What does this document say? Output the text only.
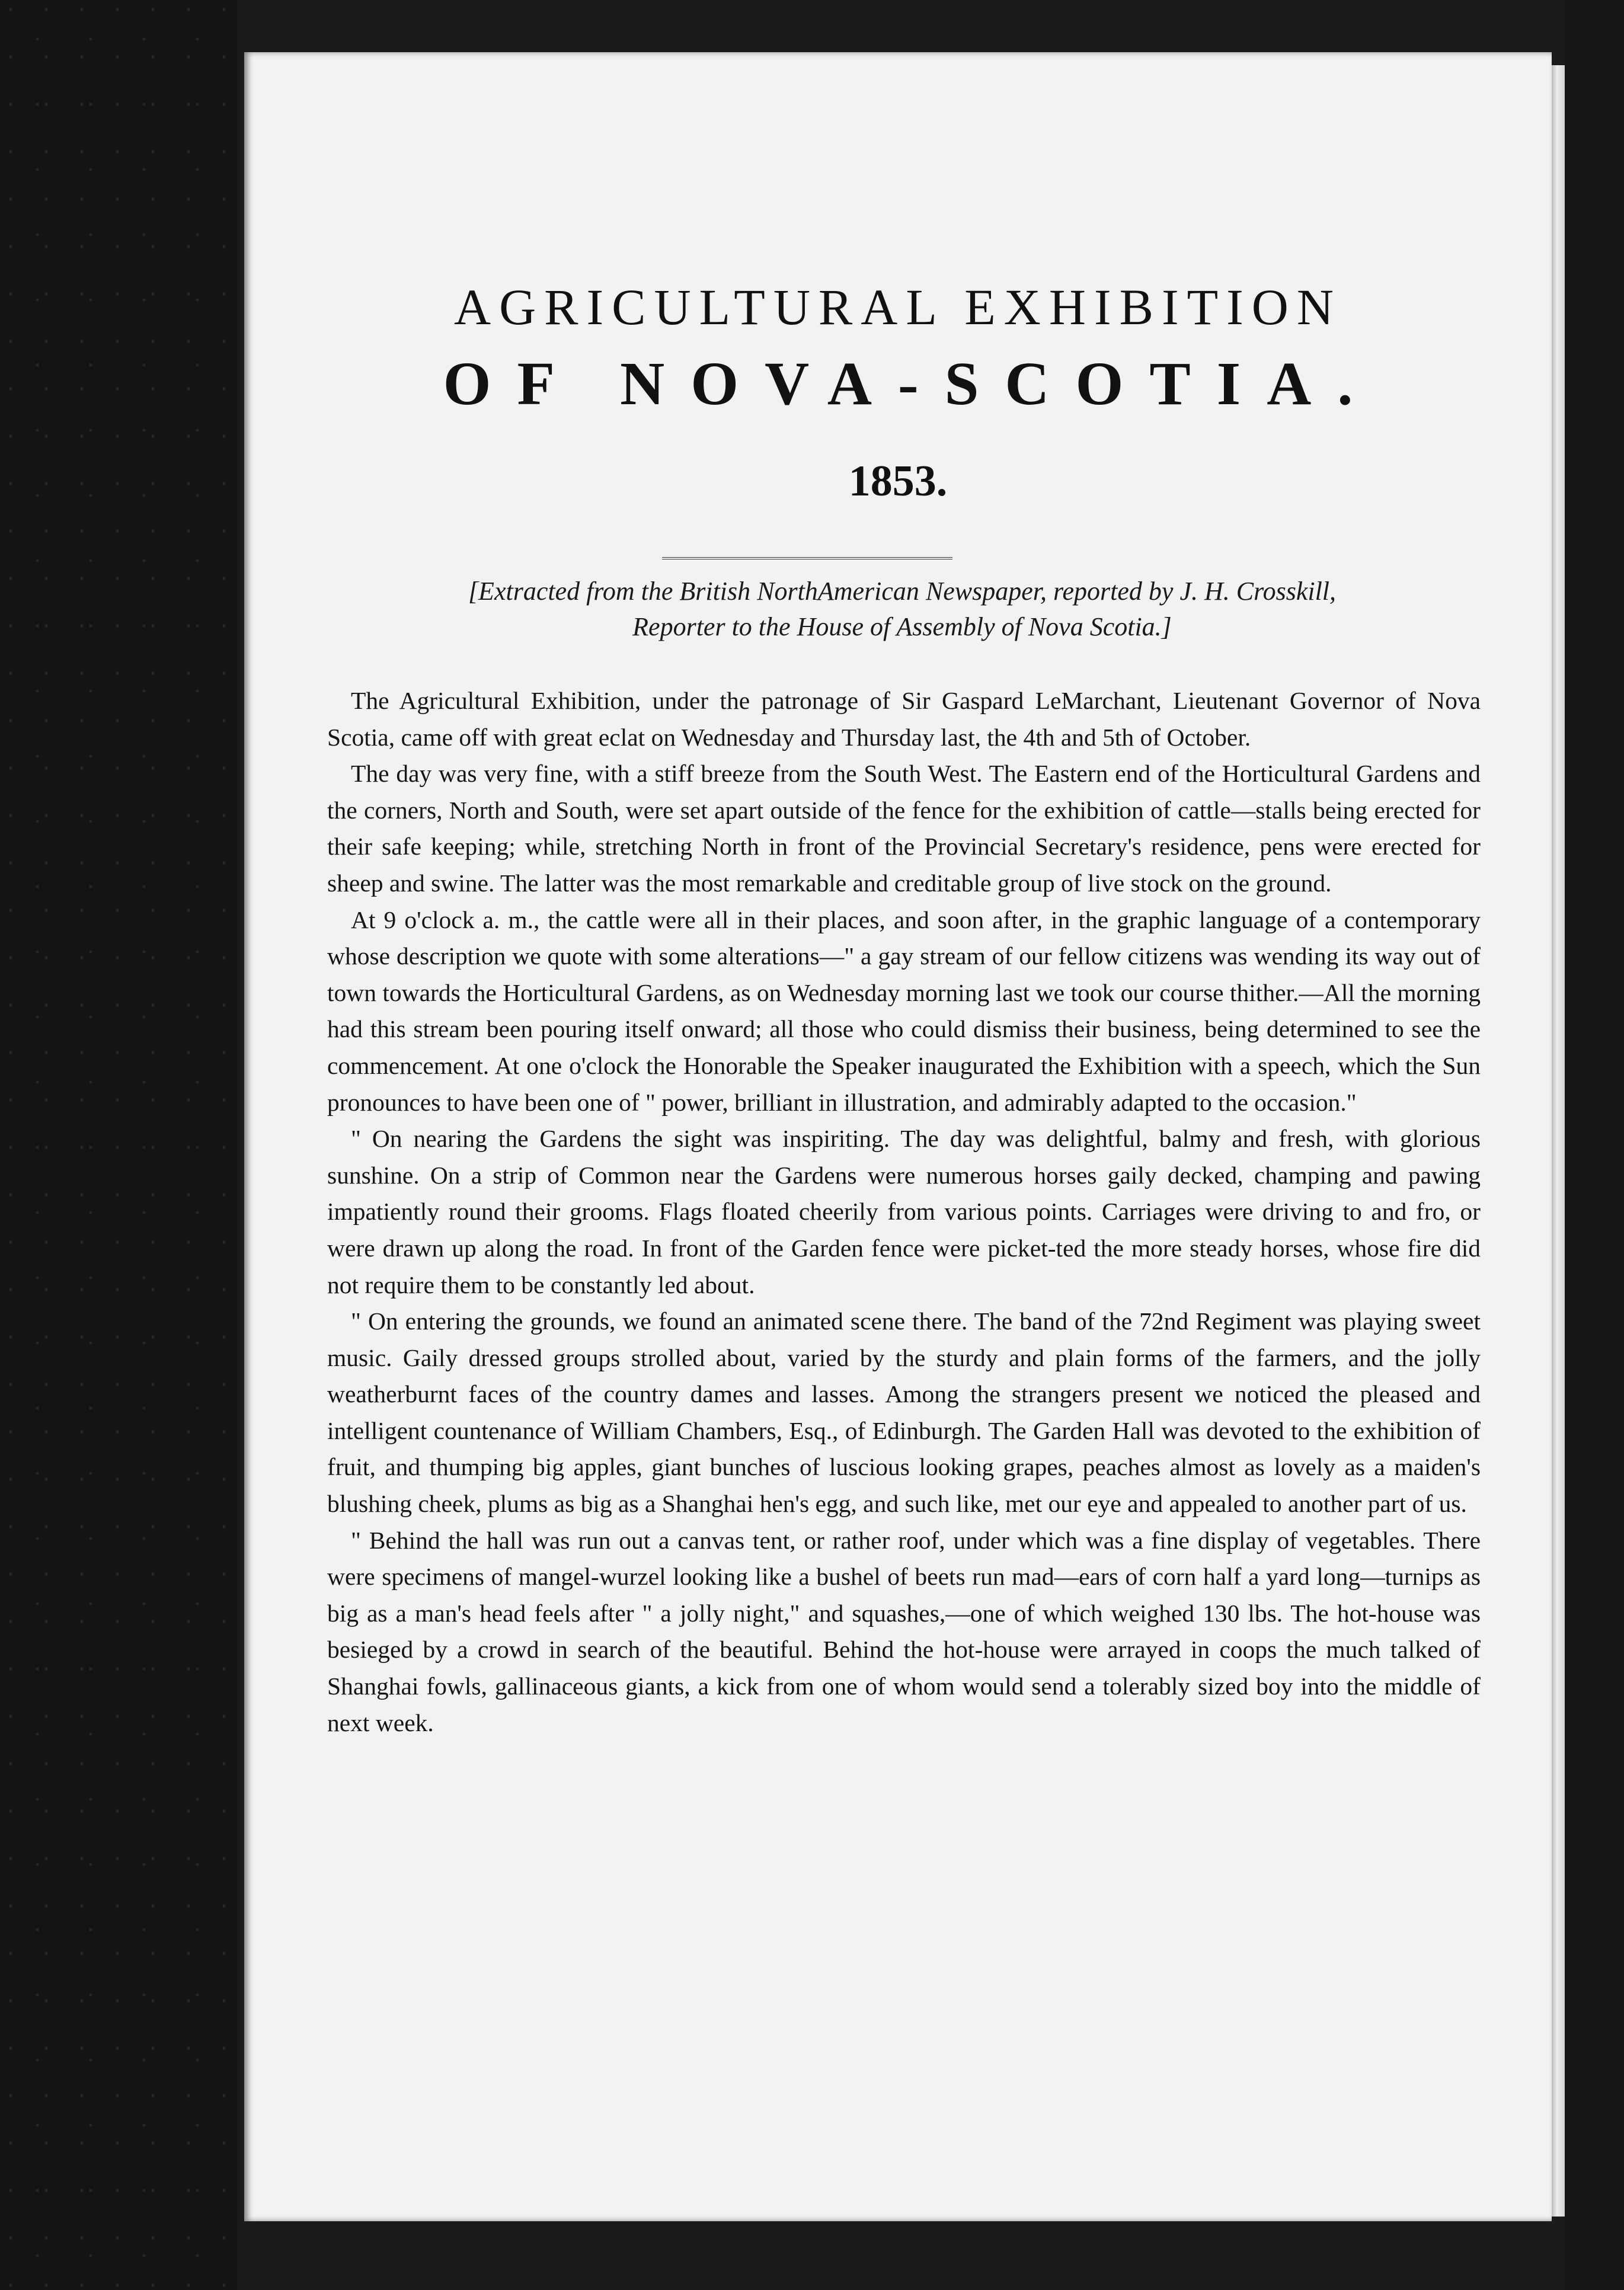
AGRICULTURAL EXHIBITION
OF NOVA-SCOTIA.
1853.
[Extracted from the British NorthAmerican Newspaper, reported by J. H. Crosskill,
Reporter to the House of Assembly of Nova Scotia.]

The Agricultural Exhibition, under the patronage of Sir Gaspard LeMarchant, Lieutenant Governor of Nova Scotia, came off with great eclat on Wednesday and Thursday last, the 4th and 5th of October.

The day was very fine, with a stiff breeze from the South West. The Eastern end of the Horticultural Gardens and the corners, North and South, were set apart outside of the fence for the exhibition of cattle—stalls being erected for their safe keeping; while, stretching North in front of the Provincial Secretary's residence, pens were erected for sheep and swine. The latter was the most remarkable and creditable group of live stock on the ground.

At 9 o'clock a. m., the cattle were all in their places, and soon after, in the graphic language of a contemporary whose description we quote with some alterations—" a gay stream of our fellow citizens was wending its way out of town towards the Horticultural Gardens, as on Wednesday morning last we took our course thither.—All the morning had this stream been pouring itself onward; all those who could dismiss their business, being determined to see the commencement. At one o'clock the Honorable the Speaker inaugurated the Exhibition with a speech, which the Sun pronounces to have been one of " power, brilliant in illustration, and admirably adapted to the occasion."

" On nearing the Gardens the sight was inspiriting. The day was delightful, balmy and fresh, with glorious sunshine. On a strip of Common near the Gardens were numerous horses gaily decked, champing and pawing impatiently round their grooms. Flags floated cheerily from various points. Carriages were driving to and fro, or were drawn up along the road. In front of the Garden fence were picket-ted the more steady horses, whose fire did not require them to be constantly led about.

" On entering the grounds, we found an animated scene there. The band of the 72nd Regiment was playing sweet music. Gaily dressed groups strolled about, varied by the sturdy and plain forms of the farmers, and the jolly weatherburnt faces of the country dames and lasses. Among the strangers present we noticed the pleased and intelligent countenance of William Chambers, Esq., of Edinburgh. The Garden Hall was devoted to the exhibition of fruit, and thumping big apples, giant bunches of luscious looking grapes, peaches almost as lovely as a maiden's blushing cheek, plums as big as a Shanghai hen's egg, and such like, met our eye and appealed to another part of us.

" Behind the hall was run out a canvas tent, or rather roof, under which was a fine display of vegetables. There were specimens of mangel-wurzel looking like a bushel of beets run mad—ears of corn half a yard long—turnips as big as a man's head feels after " a jolly night," and squashes,—one of which weighed 130 lbs. The hot-house was besieged by a crowd in search of the beautiful. Behind the hot-house were arrayed in coops the much talked of Shanghai fowls, gallinaceous giants, a kick from one of whom would send a tolerably sized boy into the middle of next week.
